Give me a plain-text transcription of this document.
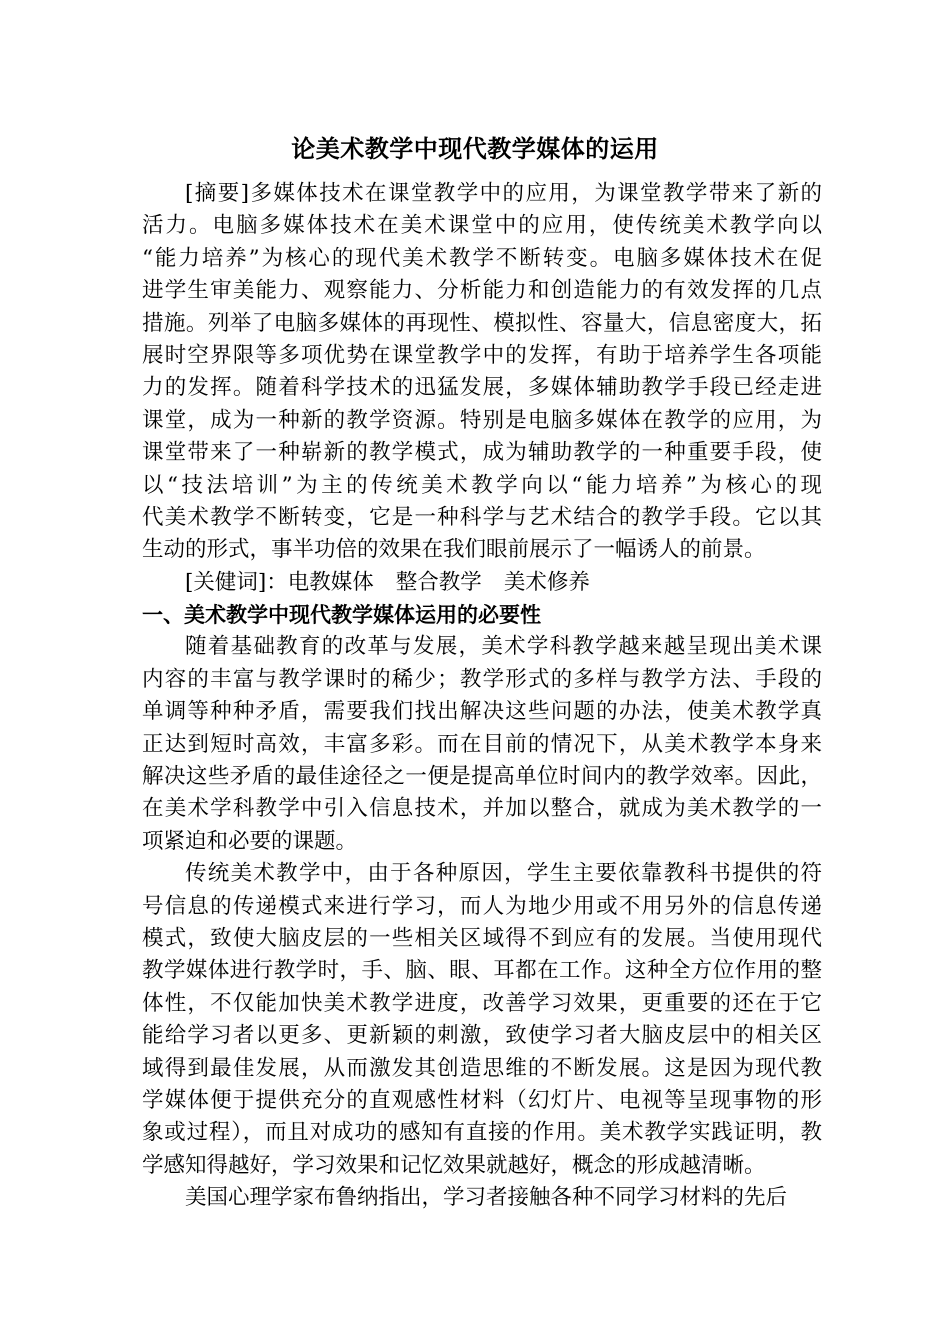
论美术教学中现代教学媒体的运用
[摘要]多媒体技术在课堂教学中的应用，为课堂教学带来了新的
活力。电脑多媒体技术在美术课堂中的应用，使传统美术教学向以
“能力培养”为核心的现代美术教学不断转变。电脑多媒体技术在促
进学生审美能力、观察能力、分析能力和创造能力的有效发挥的几点
措施。列举了电脑多媒体的再现性、模拟性、容量大，信息密度大，拓
展时空界限等多项优势在课堂教学中的发挥，有助于培养学生各项能
力的发挥。随着科学技术的迅猛发展，多媒体辅助教学手段已经走进
课堂，成为一种新的教学资源。特别是电脑多媒体在教学的应用，为
课堂带来了一种崭新的教学模式，成为辅助教学的一种重要手段，使
以“技法培训”为主的传统美术教学向以“能力培养”为核心的现
代美术教学不断转变，它是一种科学与艺术结合的教学手段。它以其
生动的形式，事半功倍的效果在我们眼前展示了一幅诱人的前景。
[关健词]：电教媒体 整合教学 美术修养
一、美术教学中现代教学媒体运用的必要性
随着基础教育的改革与发展，美术学科教学越来越呈现出美术课
内容的丰富与教学课时的稀少；教学形式的多样与教学方法、手段的
单调等种种矛盾，需要我们找出解决这些问题的办法，使美术教学真
正达到短时高效，丰富多彩。而在目前的情况下，从美术教学本身来
解决这些矛盾的最佳途径之一便是提高单位时间内的教学效率。因此，
在美术学科教学中引入信息技术，并加以整合，就成为美术教学的一
项紧迫和必要的课题。
传统美术教学中，由于各种原因，学生主要依靠教科书提供的符
号信息的传递模式来进行学习，而人为地少用或不用另外的信息传递
模式，致使大脑皮层的一些相关区域得不到应有的发展。当使用现代
教学媒体进行教学时，手、脑、眼、耳都在工作。这种全方位作用的整
体性，不仅能加快美术教学进度，改善学习效果，更重要的还在于它
能给学习者以更多、更新颖的刺激，致使学习者大脑皮层中的相关区
域得到最佳发展，从而激发其创造思维的不断发展。这是因为现代教
学媒体便于提供充分的直观感性材料（幻灯片、电视等呈现事物的形
象或过程），而且对成功的感知有直接的作用。美术教学实践证明，教
学感知得越好，学习效果和记忆效果就越好，概念的形成越清晰。
美国心理学家布鲁纳指出，学习者接触各种不同学习材料的先后
